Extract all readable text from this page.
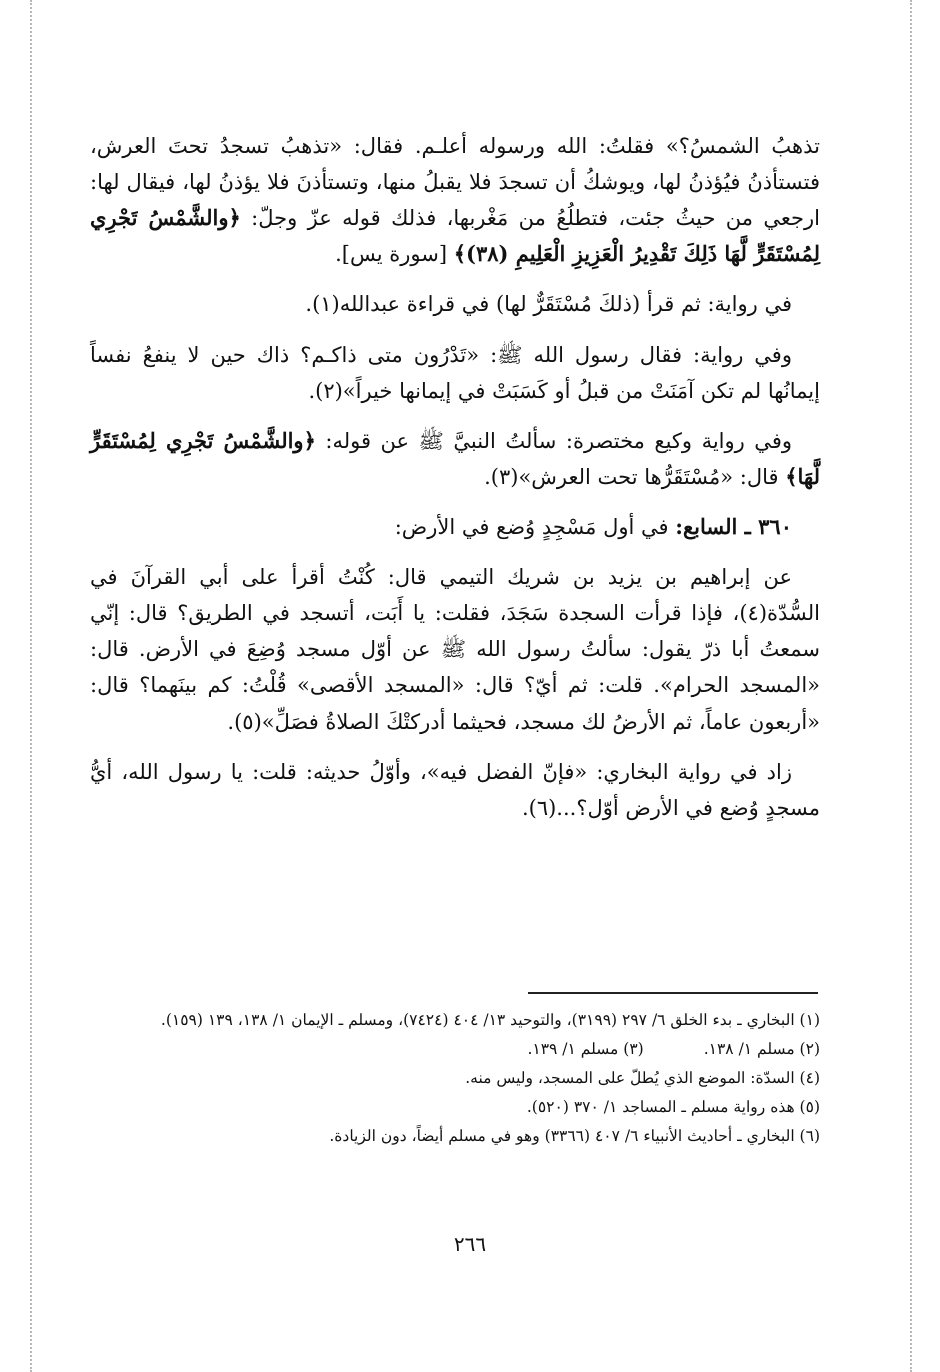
تذهبُ الشمسُ؟» فقلتُ: الله ورسوله أعلـم. فقال: «تذهبُ تسجدُ تحتَ العرش، فتستأذنُ فيُؤذنُ لها، ويوشكُ أن تسجدَ فلا يقبلُ منها، وتستأذنَ فلا يؤذنُ لها، فيقال لها: ارجعي من حيثُ جئت، فتطلُعُ من مَغْربها، فذلك قوله عزّ وجلّ: ﴿والشَّمْسُ تَجْرِي لِمُسْتَقَرٍّ لَّهَا ذَلِكَ تَقْدِيرُ الْعَزِيزِ الْعَلِيمِ (٣٨)﴾ [سورة يس].

في رواية: ثم قرأ (ذلكَ مُسْتَقَرٌّ لها) في قراءة عبدالله(١).

وفي رواية: فقال رسول الله ﷺ: «تَدْرُون متى ذاكـم؟ ذاك حين لا ينفعُ نفساً إيمانُها لم تكن آمَنَتْ من قبلُ أو كَسَبَتْ في إيمانها خيراً»(٢).

وفي رواية وكيع مختصرة: سألتُ النبيَّ ﷺ عن قوله: ﴿والشَّمْسُ تَجْرِي لِمُسْتَقَرٍّ لَّهَا﴾ قال: «مُسْتَقَرُّها تحت العرش»(٣).

٣٦٠ ـ السابع: في أول مَسْجِدٍ وُضع في الأرض:

عن إبراهيم بن يزيد بن شريك التيمي قال: كُنْتُ أقرأ على أبي القرآنَ في السُّدّة(٤)، فإذا قرأت السجدة سَجَدَ، فقلت: يا أَبَت، أتسجد في الطريق؟ قال: إنّي سمعتُ أبا ذرّ يقول: سألتُ رسول الله ﷺ عن أوّل مسجد وُضِعَ في الأرض. قال: «المسجد الحرام». قلت: ثم أيّ؟ قال: «المسجد الأقصى» قُلْتُ: كم بينَهما؟ قال: «أربعون عاماً، ثم الأرضُ لك مسجد، فحيثما أدركتْكَ الصلاةُ فصَلِّ»(٥).

زاد في رواية البخاري: «فإنّ الفضل فيه»، وأوّلُ حديثه: قلت: يا رسول الله، أيُّ مسجدٍ وُضع في الأرض أوّل؟...(٦).

(١) البخاري ـ بدء الخلق ٦/ ٢٩٧ (٣١٩٩)، والتوحيد ١٣/ ٤٠٤ (٧٤٢٤)، ومسلم ـ الإيمان ١/ ١٣٨، ١٣٩ (١٥٩).
(٢) مسلم ١/ ١٣٨.
(٣) مسلم ١/ ١٣٩.
(٤) السدّة: الموضع الذي يُطلّ على المسجد، وليس منه.
(٥) هذه رواية مسلم ـ المساجد ١/ ٣٧٠ (٥٢٠).
(٦) البخاري ـ أحاديث الأنبياء ٦/ ٤٠٧ (٣٣٦٦) وهو في مسلم أيضاً، دون الزيادة.
٢٦٦
